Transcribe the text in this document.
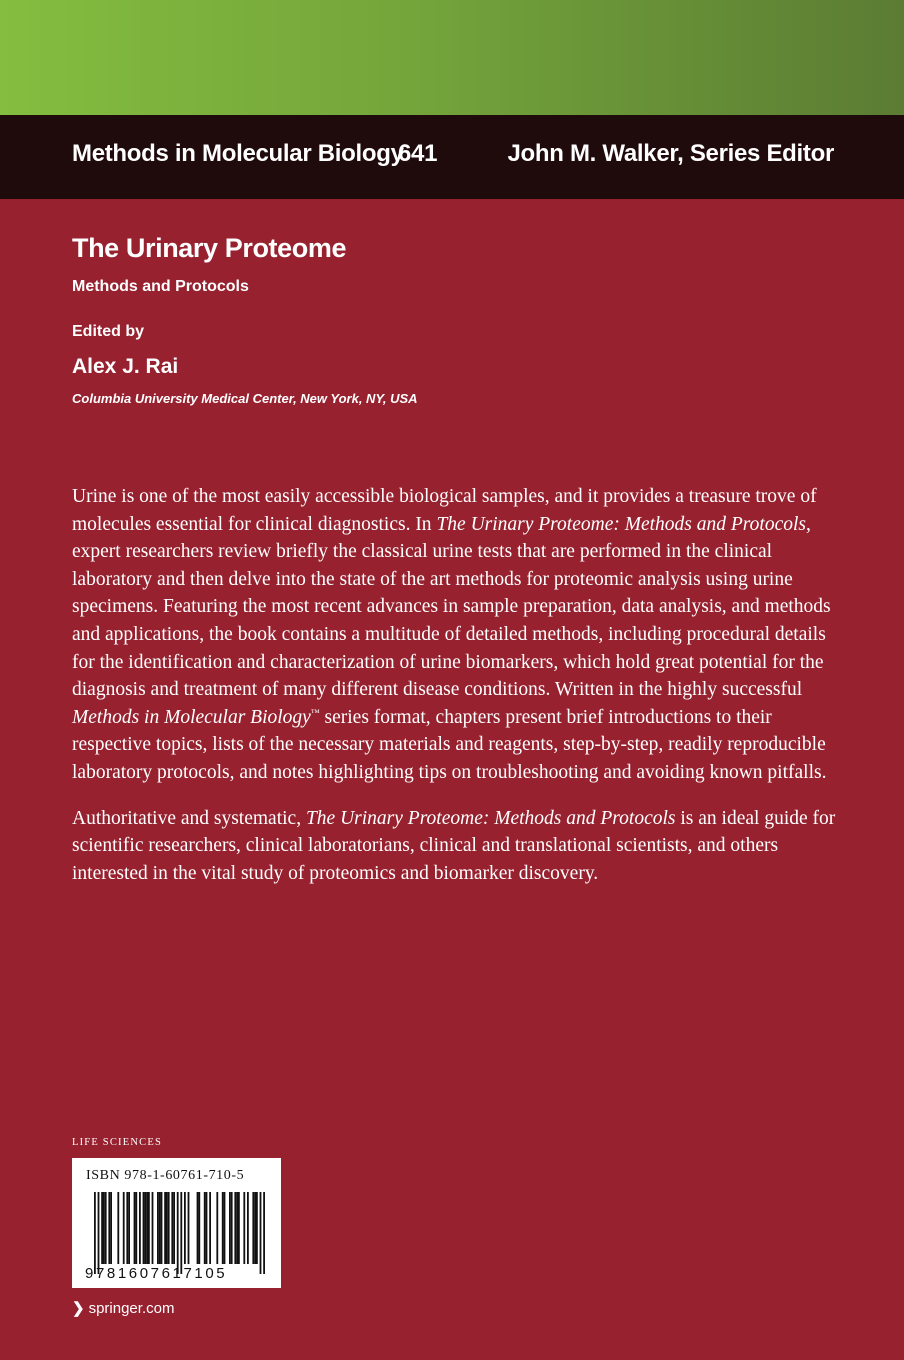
Methods in Molecular Biology
641	John M. Walker, Series Editor
The Urinary Proteome
Methods and Protocols
Edited by
Alex J. Rai
Columbia University Medical Center, New York, NY, USA

Urine is one of the most easily accessible biological samples, and it provides a treasure trove of molecules essential for clinical diagnostics. In The Urinary Proteome: Methods and Protocols, expert researchers review briefly the classical urine tests that are performed in the clinical laboratory and then delve into the state of the art methods for proteomic analysis using urine specimens. Featuring the most recent advances in sample preparation, data analysis, and methods and applications, the book contains a multitude of detailed methods, including procedural details for the identification and characterization of urine biomarkers, which hold great potential for the diagnosis and treatment of many different disease conditions. Written in the highly successful Methods in Molecular Biology™ series format, chapters present brief introductions to their respective topics, lists of the necessary materials and reagents, step-by-step, readily reproducible laboratory protocols, and notes highlighting tips on troubleshooting and avoiding known pitfalls.

Authoritative and systematic, The Urinary Proteome: Methods and Protocols is an ideal guide for scientific researchers, clinical laboratorians, clinical and translational scientists, and others interested in the vital study of proteomics and biomarker discovery.

LIFE SCIENCES
ISBN 978-1-60761-710-5
9781607617105
❯ springer.com
